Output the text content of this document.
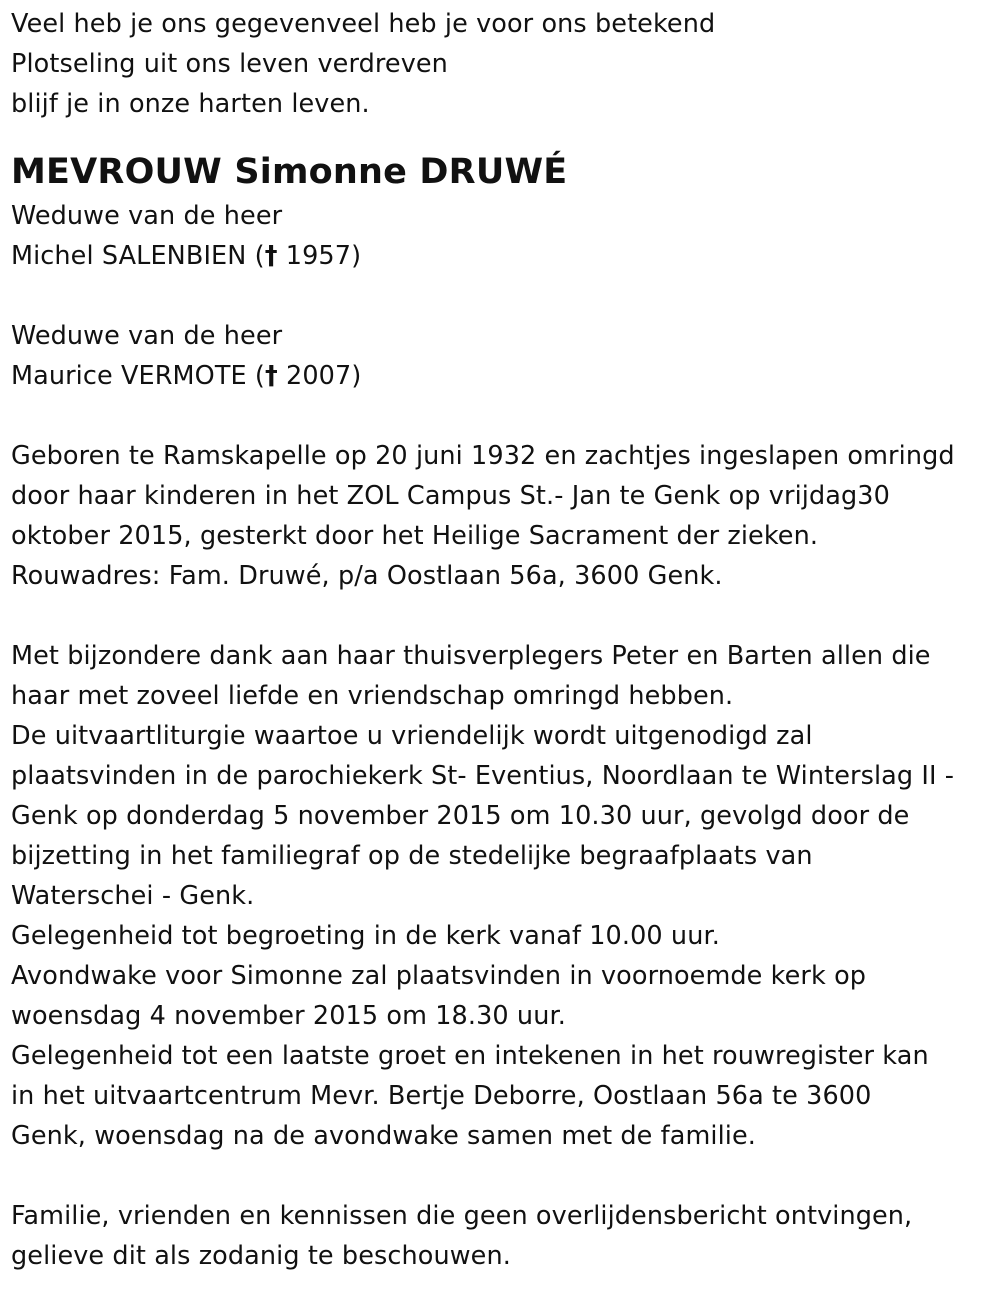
Veel heb je ons gegevenveel heb je voor ons betekend
Plotseling uit ons leven verdreven
blijf je in onze harten leven.
MEVROUW Simonne DRUWÉ
Weduwe van de heer
Michel SALENBIEN († 1957)
Weduwe van de heer
Maurice VERMOTE († 2007)
Geboren te Ramskapelle op 20 juni 1932 en zachtjes ingeslapen omringd
door haar kinderen in het ZOL Campus St.- Jan te Genk op vrijdag30
oktober 2015, gesterkt door het Heilige Sacrament der zieken.
Rouwadres: Fam. Druwé, p/a Oostlaan 56a, 3600 Genk.
Met bijzondere dank aan haar thuisverplegers Peter en Barten allen die
haar met zoveel liefde en vriendschap omringd hebben.
De uitvaartliturgie waartoe u vriendelijk wordt uitgenodigd zal
plaatsvinden in de parochiekerk St- Eventius, Noordlaan te Winterslag II -
Genk op donderdag 5 november 2015 om 10.30 uur, gevolgd door de
bijzetting in het familiegraf op de stedelijke begraafplaats van
Waterschei - Genk.
Gelegenheid tot begroeting in de kerk vanaf 10.00 uur.
Avondwake voor Simonne zal plaatsvinden in voornoemde kerk op
woensdag 4 november 2015 om 18.30 uur.
Gelegenheid tot een laatste groet en intekenen in het rouwregister kan
in het uitvaartcentrum Mevr. Bertje Deborre, Oostlaan 56a te 3600
Genk, woensdag na de avondwake samen met de familie.
Familie, vrienden en kennissen die geen overlijdensbericht ontvingen,
gelieve dit als zodanig te beschouwen.
